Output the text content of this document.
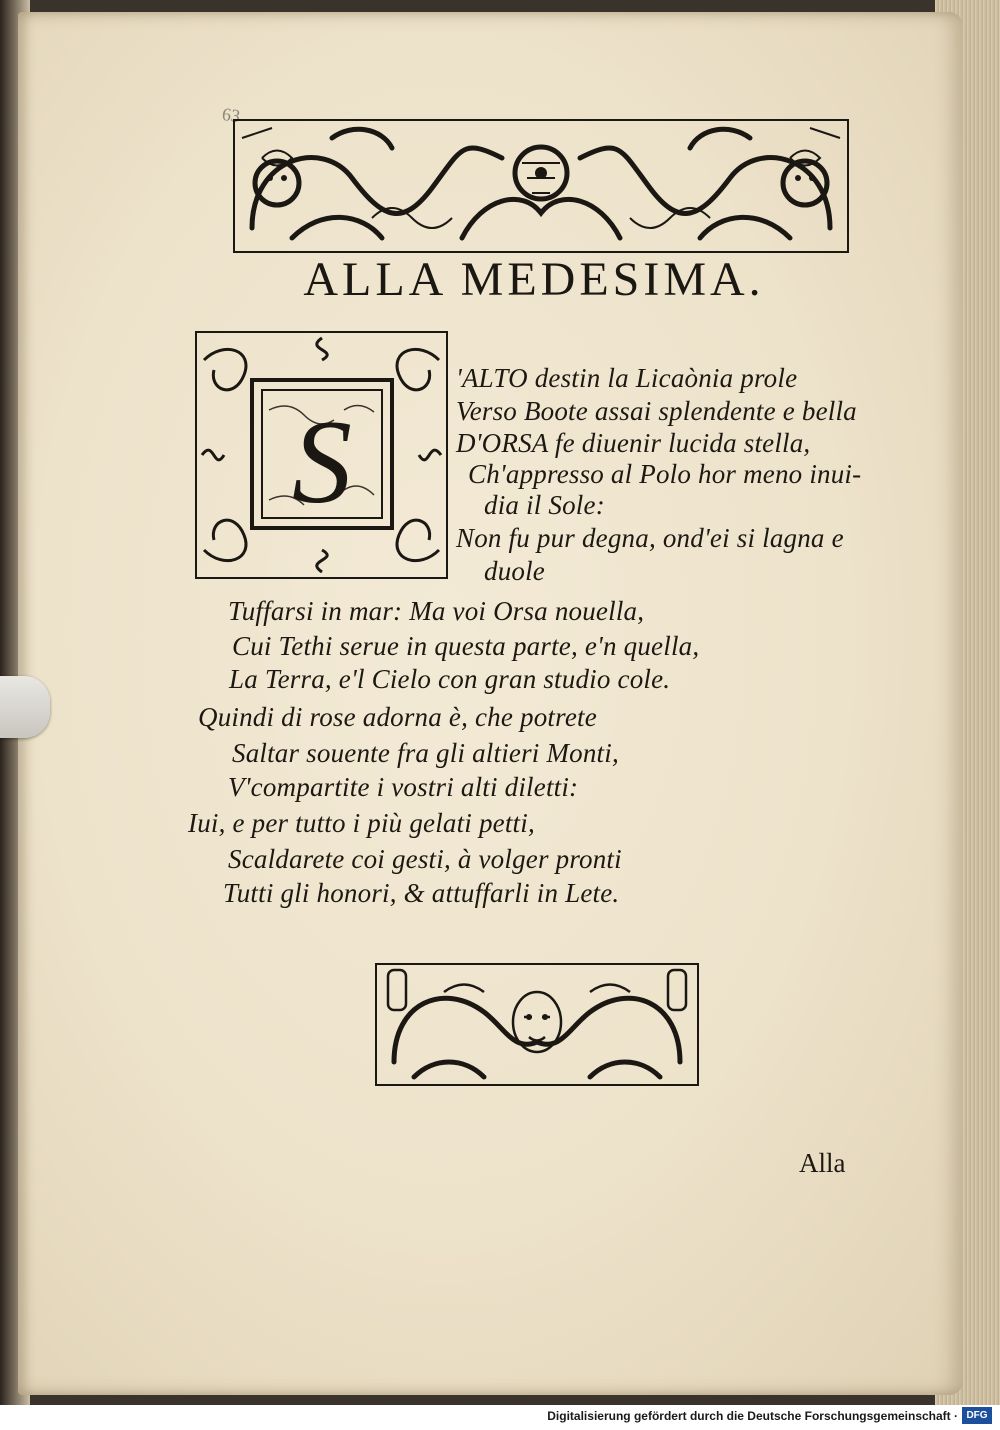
63
ALLA MEDESIMA.
S
'ALTO destin la Licaònia prole
Verso Boote assai splendente e bella
D'ORSA fe diuenir lucida stella,
Ch'appresso al Polo hor meno inui-
dia il Sole:
Non fu pur degna, ond'ei si lagna e
duole
Tuffarsi in mar: Ma voi Orsa nouella,
Cui Tethi serue in questa parte, e'n quella,
La Terra, e'l Cielo con gran studio cole.
Quindi di rose adorna è, che potrete
Saltar souente fra gli altieri Monti,
V'compartite i vostri alti diletti:
Iui, e per tutto i più gelati petti,
Scaldarete coi gesti, à volger pronti
Tutti gli honori, & attuffarli in Lete.
Alla
Digitalisierung gefördert durch die Deutsche Forschungsgemeinschaft · DFG
